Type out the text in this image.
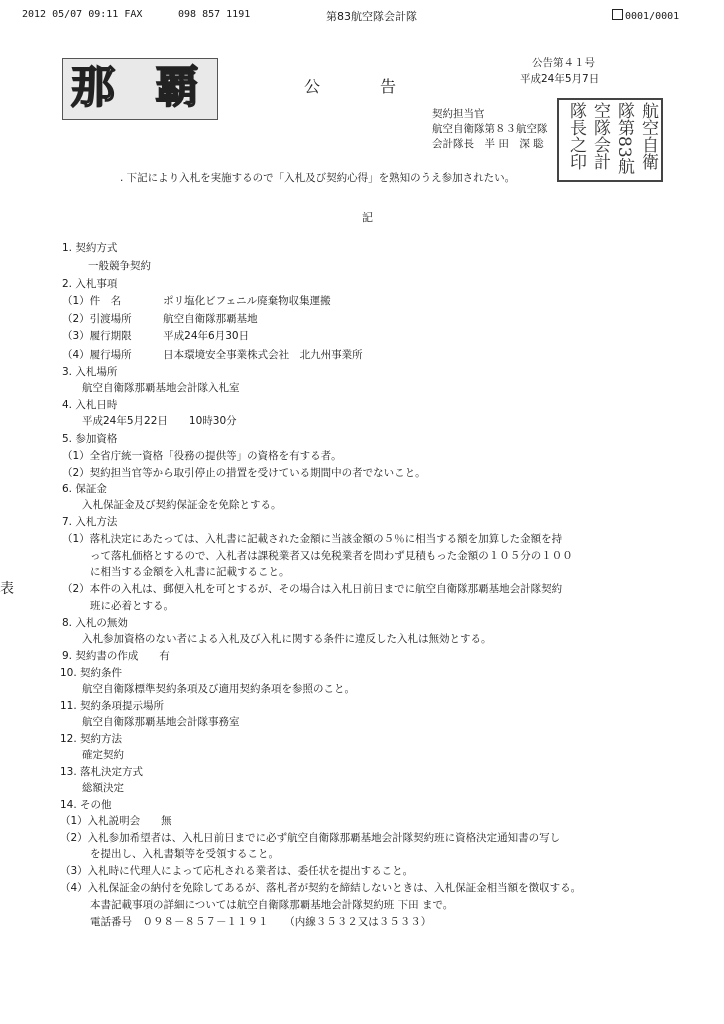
2012 05/07 09:11 FAX	098 857 1191	第83航空隊会計隊	0001/0001
那 覇	公	告
公告第４１号
平成24年5月7日
契約担当官
航空自衛隊第８３航空隊
会計隊長　半 田　深 聡	航空自衛
隊第83航
空隊会計
隊長之印
. 下記により入札を実施するので「入札及び契約心得」を熟知のうえ参加されたい。
記
1. 契約方式
一般競争契約
2. 入札事項
（1）件　名　　　　ポリ塩化ビフェニル廃棄物収集運搬
（2）引渡場所　　　航空自衛隊那覇基地
（3）履行期限　　　平成24年6月30日
（4）履行場所　　　日本環境安全事業株式会社　北九州事業所
3. 入札場所
航空自衛隊那覇基地会計隊入札室
4. 入札日時
平成24年5月22日　　10時30分
5. 参加資格
（1）全省庁統一資格「役務の提供等」の資格を有する者。
（2）契約担当官等から取引停止の措置を受けている期間中の者でないこと。
6. 保証金
入札保証金及び契約保証金を免除とする。
7. 入札方法
（1）落札決定にあたっては、入札書に記載された金額に当該金額の５％に相当する額を加算した金額を持
って落札価格とするので、入札者は課税業者又は免税業者を問わず見積もった金額の１０５分の１００
に相当する金額を入札書に記載すること。
（2）本件の入札は、郵便入札を可とするが、その場合は入札日前日までに航空自衛隊那覇基地会計隊契約
班に必着とする。
8. 入札の無効
入札参加資格のない者による入札及び入札に関する条件に違反した入札は無効とする。
9. 契約書の作成　　有
10. 契約条件
航空自衛隊標準契約条項及び適用契約条項を参照のこと。
11. 契約条項提示場所
航空自衛隊那覇基地会計隊事務室
12. 契約方法
確定契約
13. 落札決定方式
総額決定
14. その他
（1）入札説明会　　無
（2）入札参加希望者は、入札日前日までに必ず航空自衛隊那覇基地会計隊契約班に資格決定通知書の写し
を提出し、入札書類等を受領すること。
（3）入札時に代理人によって応札される業者は、委任状を提出すること。
（4）入札保証金の納付を免除してあるが、落札者が契約を締結しないときは、入札保証金相当額を徴収する。
本書記載事項の詳細については航空自衛隊那覇基地会計隊契約班 下田 まで。
電話番号　０９８－８５７－１１９１　　（内線３５３２又は３５３３）
表
